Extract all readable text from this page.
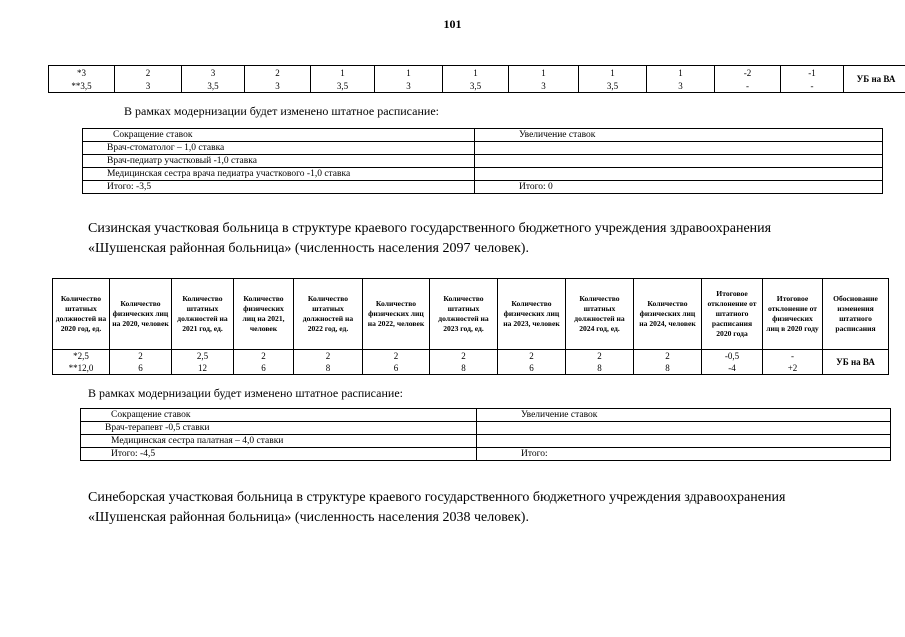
101
*3	2	3	2	1	1	1	1	1	1	-2	-1	УБ на ВА
**3,5	3	3,5	3	3,5	3	3,5	3	3,5	3	-	-	
В рамках модернизации будет изменено штатное расписание:
Сокращение ставок	Увеличение ставок
Врач-стоматолог – 1,0 ставка	
Врач-педиатр участковый -1,0 ставка	
Медицинская сестра врача педиатра участкового -1,0 ставка	
Итого: -3,5	Итого: 0
Сизинская участковая больница в структуре краевого государственного бюджетного учреждения здравоохранения
«Шушенская районная больница» (численность населения 2097 человек).
Количество штатных должностей на 2020 год, ед.	Количество физических лиц на 2020, человек	Количество штатных должностей на 2021 год, ед.	Количество физических лиц на 2021, человек	Количество штатных должностей на 2022 год, ед.	Количество физических лиц на 2022, человек	Количество штатных должностей на 2023 год, ед.	Количество физических лиц на 2023, человек	Количество штатных должностей на 2024 год, ед.	Количество физических лиц на 2024, человек	Итоговое отклонение от штатного расписания 2020 года	Итоговое отклонение от физических лиц в 2020 году	Обоснование изменения штатного расписания
*2,5	2	2,5	2	2	2	2	2	2	2	-0,5	-	УБ на ВА
**12,0	6	12	6	8	6	8	6	8	8	-4	+2	
В рамках модернизации будет изменено штатное расписание:
Сокращение ставок	Увеличение ставок
Врач-терапевт -0,5 ставки	
Медицинская сестра палатная – 4,0 ставки	
Итого: -4,5	Итого:
Синеборская участковая больница в структуре краевого государственного бюджетного учреждения здравоохранения
«Шушенская районная больница» (численность населения 2038 человек).
